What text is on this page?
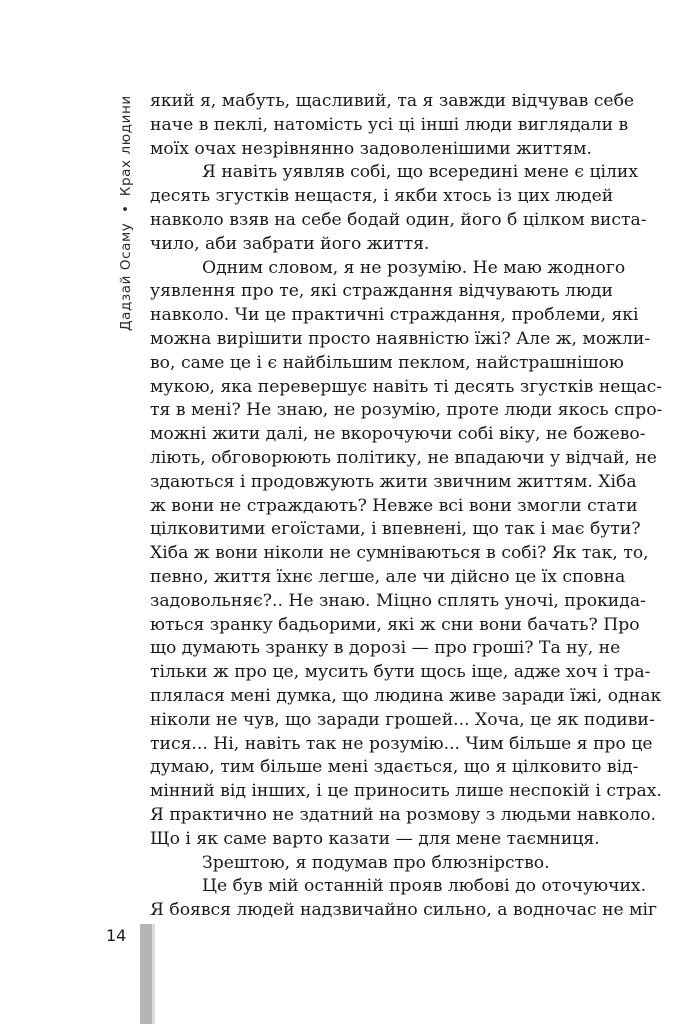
Дадзай Осаму • Крах людини який я, мабуть, щасливий, та я завжди відчував себе
наче в пеклі, натомість усі ці інші люди виглядали в
моїх очах незрівнянно задоволенішими життям.
Я навіть уявляв собі, що всередині мене є цілих
десять згустків нещастя, і якби хтось із цих людей
навколо взяв на себе бодай один, його б цілком вистa-
чило, аби забрати його життя.
Одним словом, я не розумію. Не маю жодного
уявлення про те, які страждання відчувають люди
навколо. Чи це практичні страждання, проблеми, які
можна вирішити просто наявністю їжі? Але ж, можли-
во, саме це і є найбільшим пеклом, найстрашнішою
мукою, яка перевершує навіть ті десять згустків нещас-
тя в мені? Не знаю, не розумію, проте люди якось спро-
можні жити далі, не вкорочуючи собі віку, не божево-
ліють, обговорюють політику, не впадаючи у відчай, не
здаються і продовжують жити звичним життям. Хіба
ж вони не страждають? Невже всі вони змогли стати
цілковитими егоїстами, і впевнені, що так і має бути?
Хіба ж вони ніколи не сумніваються в собі? Як так, то,
певно, життя їхнє легше, але чи дійсно це їх сповна
задовольняє?.. Не знаю. Міцно сплять уночі, прокида-
ються зранку бадьорими, які ж сни вони бачать? Про
що думають зранку в дорозі — про гроші? Та ну, не
тільки ж про це, мусить бути щось іще, адже хоч і тра-
плялася мені думка, що людина живе заради їжі, однак
ніколи не чув, що заради грошей... Хоча, це як подиви-
тися... Ні, навіть так не розумію... Чим більше я про це
думаю, тим більше мені здається, що я цілковито від-
мінний від інших, і це приносить лише неспокій і страх.
Я практично не здатний на розмову з людьми навколо.
Що і як саме варто казати — для мене таємниця.
Зрештою, я подумав про блюзнірство.
Це був мій останній прояв любові до оточуючих.
Я боявся людей надзвичайно сильно, а водночас не міг
14
